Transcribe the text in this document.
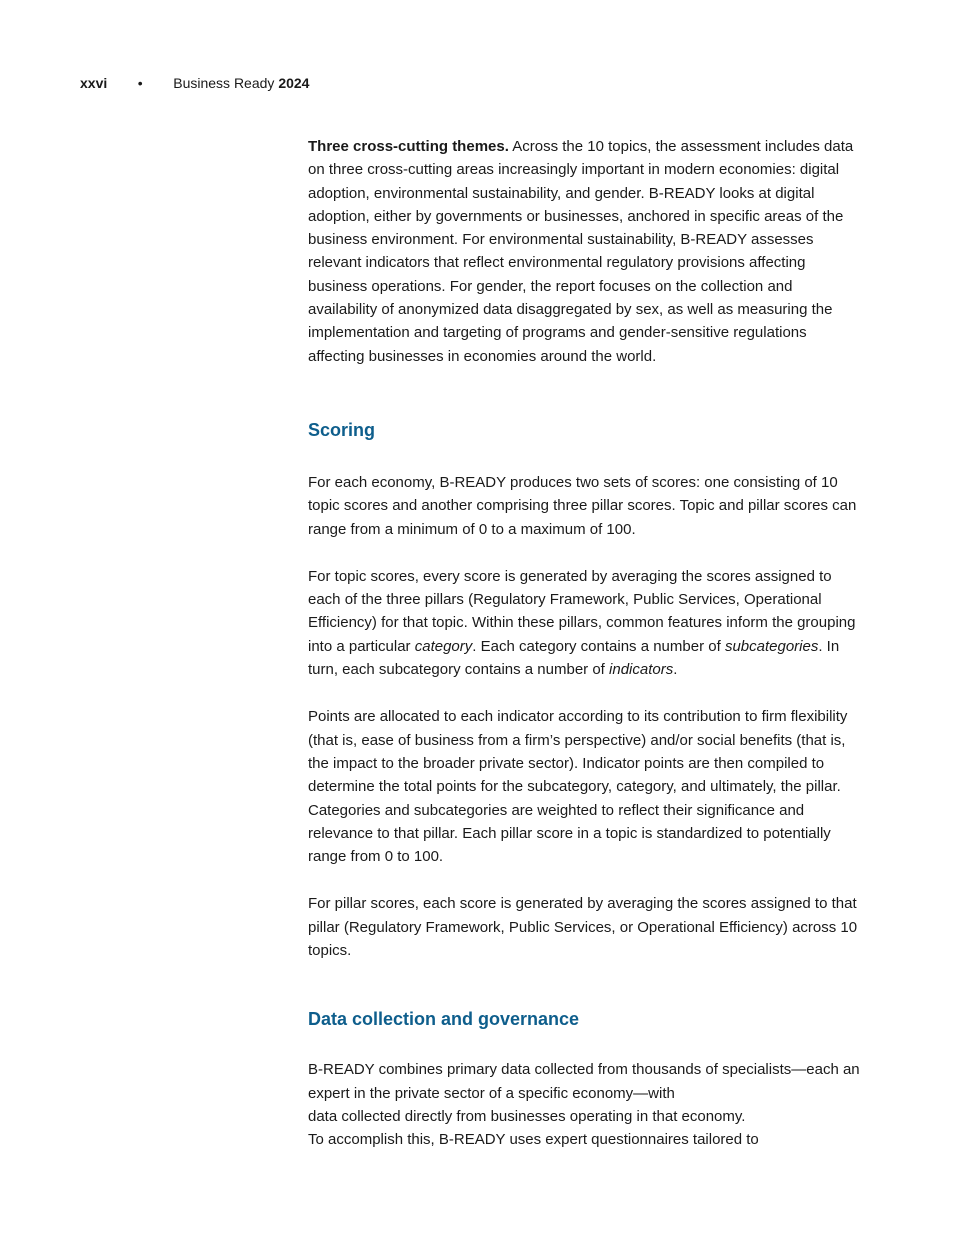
xxvi • Business Ready 2024

Three cross-cutting themes. Across the 10 topics, the assessment includes data on three cross-cutting areas increasingly important in modern economies: digital adoption, environmental sustainability, and gender. B-READY looks at digital adoption, either by governments or businesses, anchored in specific areas of the business environment. For environmental sustainability, B-READY assesses relevant indicators that reflect environmental regulatory provisions affecting business operations. For gender, the report focuses on the collection and availability of anonymized data disaggregated by sex, as well as measuring the implementation and targeting of programs and gender-sensitive regulations affecting businesses in economies around the world.

Scoring

For each economy, B-READY produces two sets of scores: one consisting of 10 topic scores and another comprising three pillar scores. Topic and pillar scores can range from a minimum of 0 to a maximum of 100.

For topic scores, every score is generated by averaging the scores assigned to each of the three pillars (Regulatory Framework, Public Services, Operational Efficiency) for that topic. Within these pillars, common features inform the grouping into a particular category. Each category contains a number of subcategories. In turn, each subcategory contains a number of indicators.

Points are allocated to each indicator according to its contribution to firm flexibility (that is, ease of business from a firm’s perspective) and/or social benefits (that is, the impact to the broader private sector). Indicator points are then compiled to determine the total points for the subcategory, category, and ultimately, the pillar. Categories and subcategories are weighted to reflect their significance and relevance to that pillar. Each pillar score in a topic is standardized to potentially range from 0 to 100.

For pillar scores, each score is generated by averaging the scores assigned to that pillar (Regulatory Framework, Public Services, or Operational Efficiency) across 10 topics.

Data collection and governance

B-READY combines primary data collected from thousands of specialists—each an expert in the private sector of a specific economy—with
data collected directly from businesses operating in that economy.
To accomplish this, B-READY uses expert questionnaires tailored to
